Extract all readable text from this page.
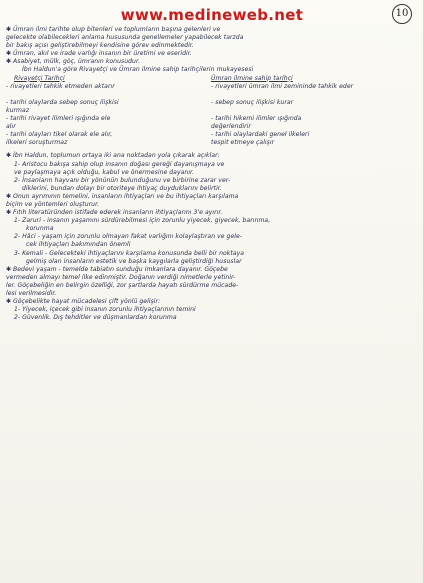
www.medineweb.net	10
✱ Ümran ilmi tarihte olup bitenleri ve toplumların başına gelenleri ve
gelecekte olabilecekleri anlama hususunda genellemeler yapabilecek tarzda
bir bakış açısı geliştirebilmeyi kendisine görev edinmektedir.
✱ Ümran, akıl ve irade varlığı insanın bir üretimi ve eseridir.
✱ Asabiyet, mülk, göç, ümranın konusudur.
İbn Haldun'a göre Rivayetçi ve Ümran ilmine sahip tarihçilerin mukayesesi
Rivayetçi Tarihçi
- rivayetleri tahkik etmeden aktarır
- tarihi olaylarda sebep sonuç ilişkisi
kurmaz
- tarihi rivayet ilimleri ışığında ele
alır
- tarihi olayları tikel olarak ele alır,
ilkeleri soruşturmaz
Ümran ilmine sahip tarihçi
- rivayetleri ümran ilmi zemininde tahkik eder
- sebep sonuç ilişkisi kurar
- tarihi hikemi ilimler ışığında
değerlendirir
- tarihi olaylardaki genel ilkeleri
tespit etmeye çalışır
✱ İbn Haldun, toplumun ortaya iki ana noktadan yola çıkarak açıklar:
1- Aristocu bakışa sahip olup insanın doğası gereği dayanışmaya ve
ve paylaşmaya açık olduğu, kabul ve önermesine dayanır.
2- İnsanların hayvanı bir yönünün bulunduğunu ve birbirine zarar ver-
diklerini, bundan dolayı bir otoriteye ihtiyaç duyduklarını belirtir.
✱ Onun ayrımının temelini, insanların ihtiyaçları ve bu ihtiyaçları karşılama
biçim ve yöntemleri oluşturur.
✱ Fıtıh literatüründen istifade ederek insanların ihtiyaçlarını 3'e ayırır.
1- Zaruri - insanın yaşamını sürdürebilmesi için zorunlu yiyecek, giyecek, barınma,
korunma
2- Hâci - yaşam için zorunlu olmayan fakat varlığını kolaylaştıran ve gele-
cek ihtiyaçları bakımından önemli
3- Kemali - Gelecekteki ihtiyaçlarını karşılama konusunda belli bir noktaya
gelmiş olan insanların estetik ve başka kaygılarla geliştirdiği hususlar
✱ Bedevi yaşam - temelde tabiatın sunduğu imkanlara dayanır. Göçebe
vermeden almayı temel ilke edinmiştir. Doğanın verdiği nimetlerle yetinir-
ler. Göçebeliğin en belirgin özelliği, zor şartlarda hayatı sürdürme mücade-
lesi verilmesidir.
✱ Göçebelikte hayat mücadelesi çift yönlü gelişir:
1- Yiyecek, içecek gibi insanın zorunlu ihtiyaçlarının temini
2- Güvenlik. Dış tehditler ve düşmanlardan korunma
